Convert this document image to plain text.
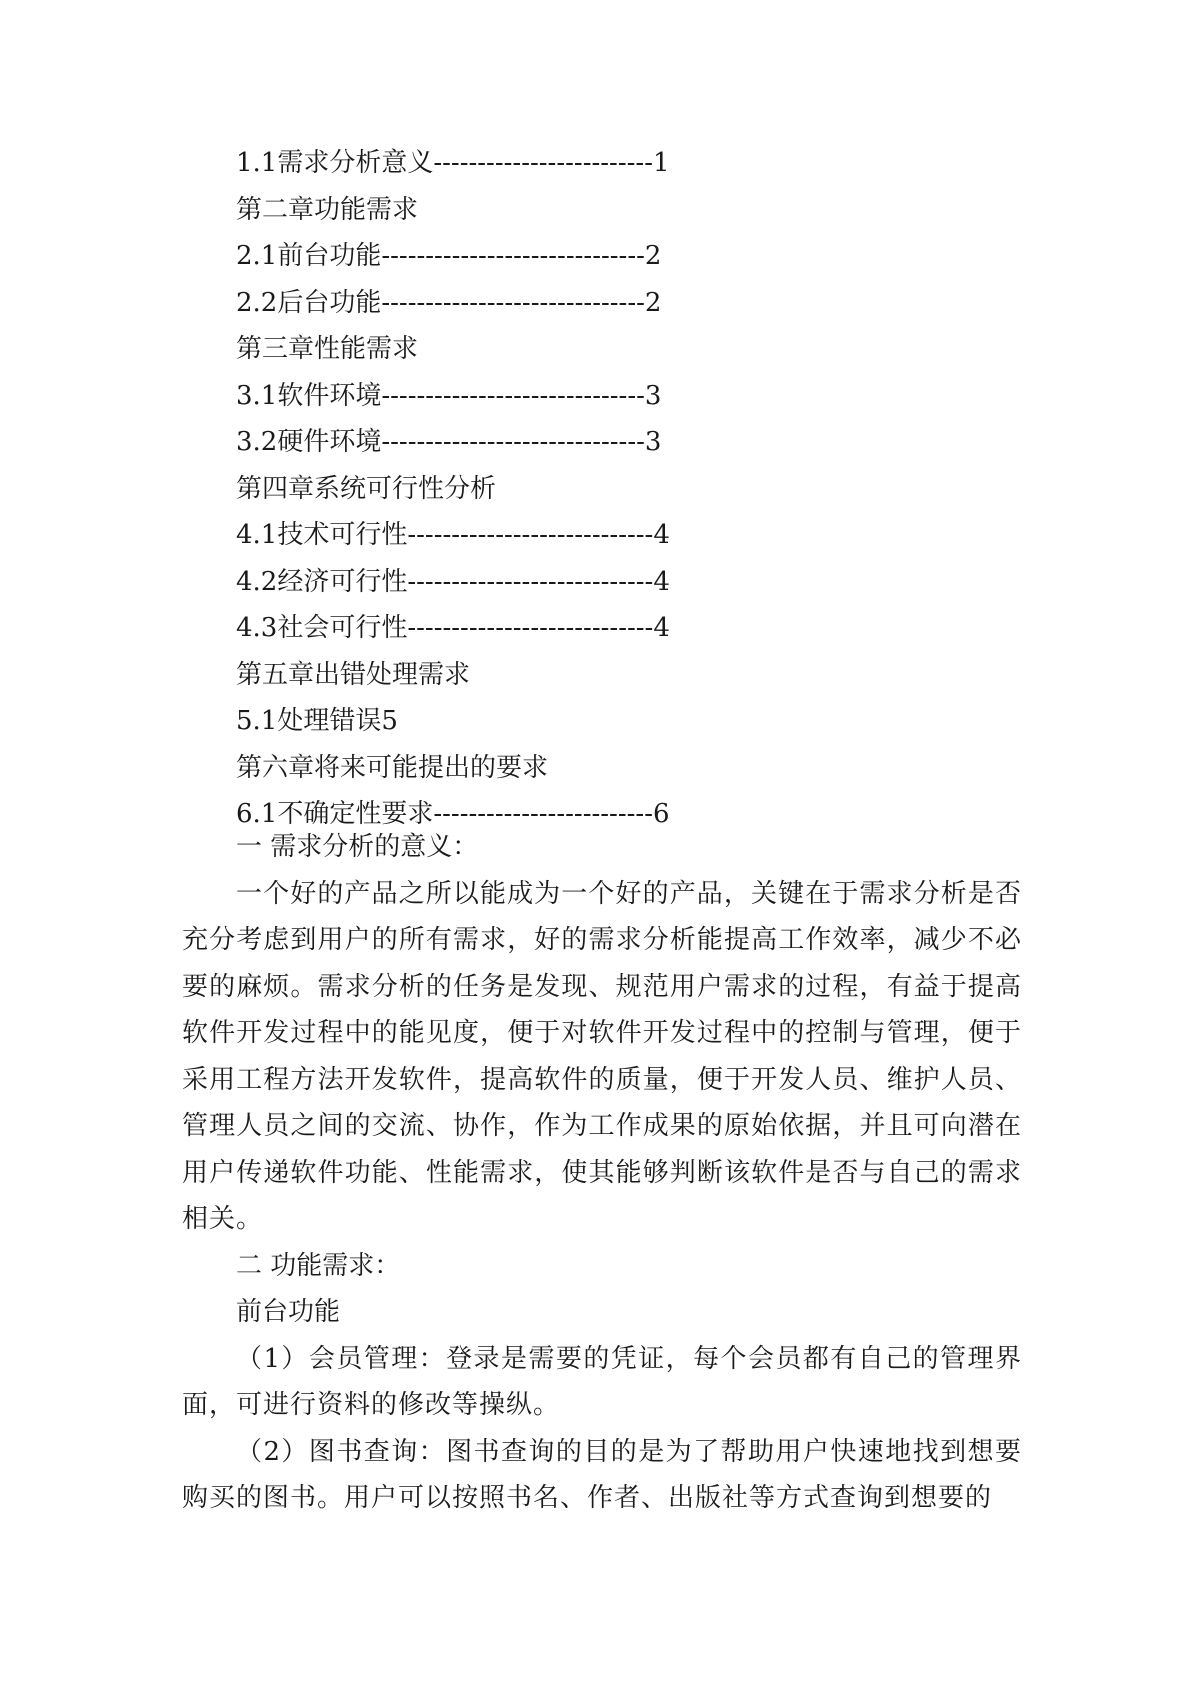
1.1需求分析意义-------------------------1
第二章功能需求
2.1前台功能------------------------------2
2.2后台功能------------------------------2
第三章性能需求
3.1软件环境------------------------------3
3.2硬件环境------------------------------3
第四章系统可行性分析
4.1技术可行性----------------------------4
4.2经济可行性----------------------------4
4.3社会可行性----------------------------4
第五章出错处理需求
5.1处理错误5
第六章将来可能提出的要求
6.1不确定性要求-------------------------6
一 需求分析的意义：

一个好的产品之所以能成为一个好的产品，关键在于需求分析是否充分考虑到用户的所有需求，好的需求分析能提高工作效率，减少不必要的麻烦。需求分析的任务是发现、规范用户需求的过程，有益于提高软件开发过程中的能见度，便于对软件开发过程中的控制与管理，便于采用工程方法开发软件，提高软件的质量，便于开发人员、维护人员、管理人员之间的交流、协作，作为工作成果的原始依据，并且可向潜在用户传递软件功能、性能需求，使其能够判断该软件是否与自己的需求相关。

二 功能需求：
前台功能

（1）会员管理：登录是需要的凭证，每个会员都有自己的管理界面，可进行资料的修改等操纵。

（2）图书查询：图书查询的目的是为了帮助用户快速地找到想要购买的图书。用户可以按照书名、作者、出版社等方式查询到想要的
